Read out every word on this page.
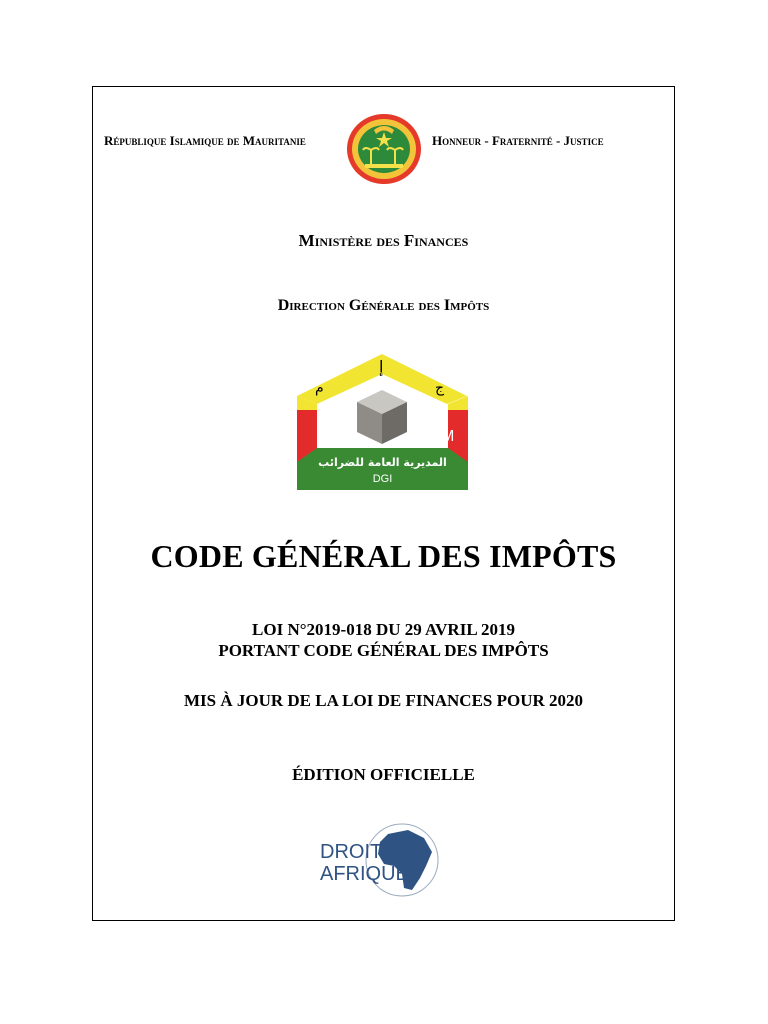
République Islamique de Mauritanie	Honneur - Fraternité - Justice
Ministère des Finances
Direction Générale des Impôts
R
M
إ
م	ج
المديرية العامة للضرائب
DGI
CODE GÉNÉRAL DES IMPÔTS
LOI N°2019-018 DU 29 AVRIL 2019
PORTANT CODE GÉNÉRAL DES IMPÔTS
MIS À JOUR DE LA LOI DE FINANCES POUR 2020
ÉDITION OFFICIELLE
DROIT
AFRIQUE
